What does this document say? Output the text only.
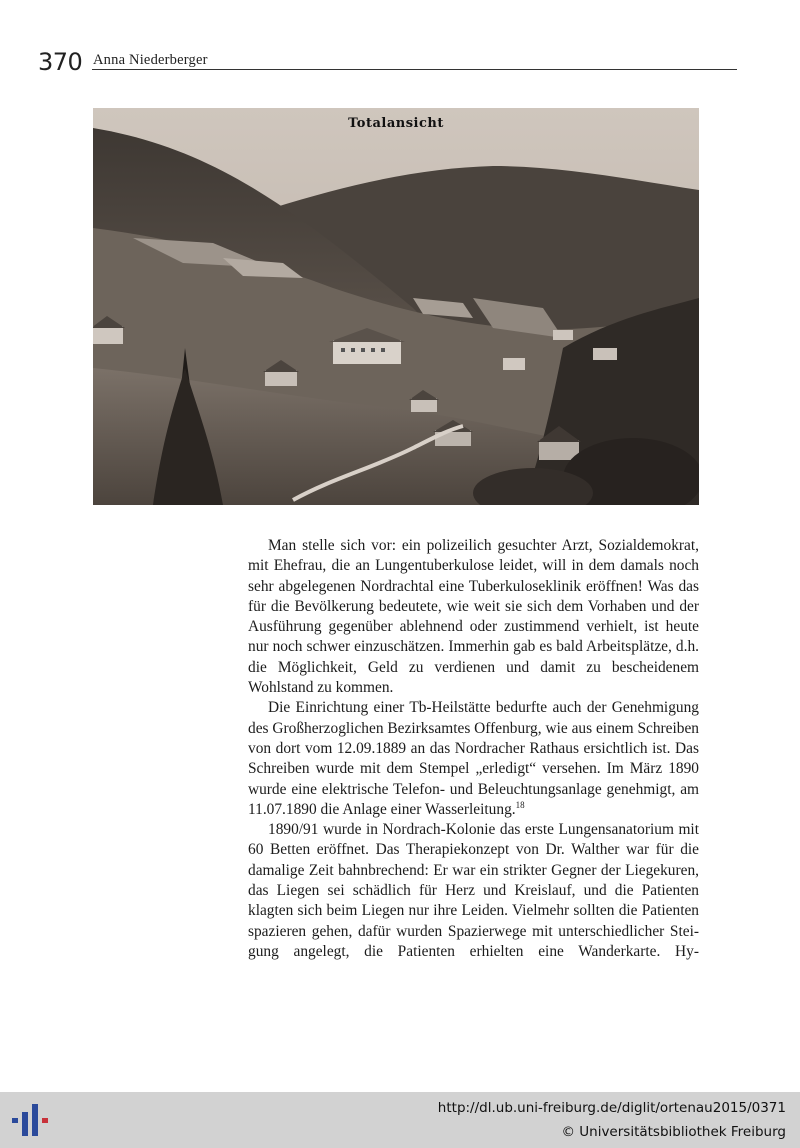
370 Anna Niederberger
Totalansicht

Man stelle sich vor: ein polizeilich gesuchter Arzt, Sozialdemokrat, mit Ehefrau, die an Lungentuberkulose leidet, will in dem damals noch sehr abgelegenen Nordrachtal eine Tuberkuloseklinik eröffnen! Was das für die Bevölkerung bedeutete, wie weit sie sich dem Vorhaben und der Ausführung gegenüber ablehnend oder zustimmend verhielt, ist heute nur noch schwer einzuschätzen. Immerhin gab es bald Arbeitsplätze, d.h. die Möglichkeit, Geld zu verdienen und damit zu bescheidenem Wohlstand zu kommen.

Die Einrichtung einer Tb-Heilstätte bedurfte auch der Genehmigung des Großherzoglichen Bezirksamtes Offenburg, wie aus einem Schreiben von dort vom 12.09.1889 an das Nordracher Rathaus ersichtlich ist. Das Schreiben wurde mit dem Stempel „erledigt“ versehen. Im März 1890 wurde eine elektrische Telefon- und Beleuchtungsanlage genehmigt, am 11.07.1890 die Anlage einer Wasserleitung.$^{18}$

1890/91 wurde in Nordrach-Kolonie das erste Lungensanatorium mit 60 Betten eröffnet. Das Therapiekonzept von Dr. Walther war für die damalige Zeit bahnbrechend: Er war ein strikter Gegner der Liegekuren, das Liegen sei schädlich für Herz und Kreislauf, und die Patienten klagten sich beim Liegen nur ihre Leiden. Vielmehr sollten die Patienten spazieren gehen, dafür wurden Spazierwege mit unterschiedlicher Steigung angelegt, die Patienten erhielten eine Wanderkarte. Hy-

http://dl.ub.uni-freiburg.de/diglit/ortenau2015/0371
© Universitätsbibliothek Freiburg
